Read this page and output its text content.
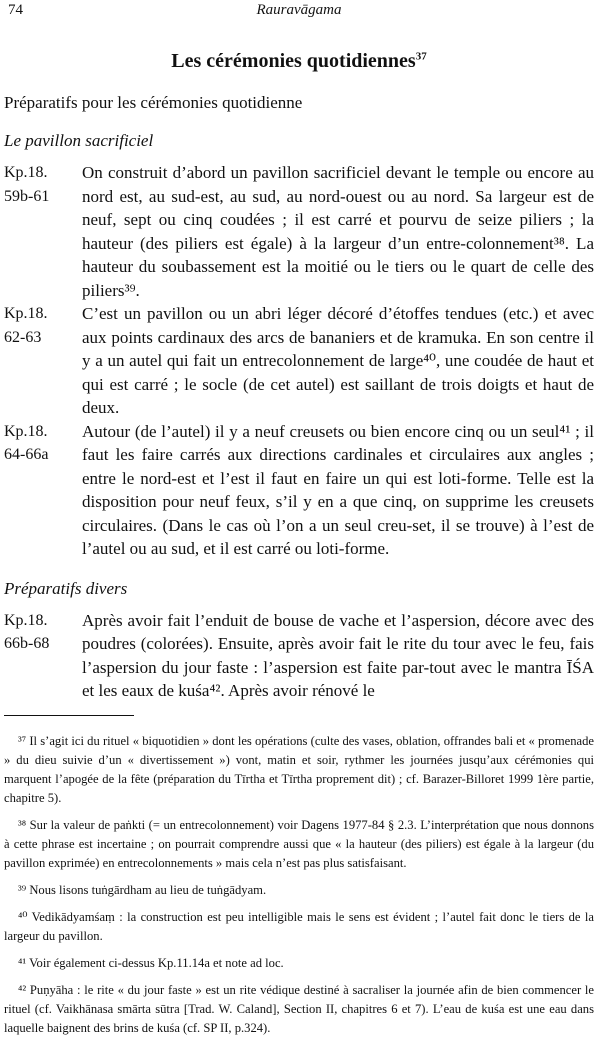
74	Rauravāgama
Les cérémonies quotidiennes$^{37}$

Préparatifs pour les cérémonies quotidienne

Le pavillon sacrificiel

Kp.18.
59b-61
On construit d’abord un pavillon sacrificiel devant le temple ou encore au nord est, au sud-est, au sud, au nord-ouest ou au nord. Sa largeur est de neuf, sept ou cinq coudées ; il est carré et pourvu de seize piliers ; la hauteur (des piliers est égale) à la largeur d’un entre-colonnement³⁸. La hauteur du soubassement est la moitié ou le tiers ou le quart de celle des piliers³⁹.
Kp.18.
62-63
C’est un pavillon ou un abri léger décoré d’étoffes tendues (etc.) et avec aux points cardinaux des arcs de bananiers et de kramuka. En son centre il y a un autel qui fait un entrecolonnement de large⁴⁰, une coudée de haut et qui est carré ; le socle (de cet autel) est saillant de trois doigts et haut de deux.
Kp.18.
64-66a
Autour (de l’autel) il y a neuf creusets ou bien encore cinq ou un seul⁴¹ ; il faut les faire carrés aux directions cardinales et circulaires aux angles ; entre le nord-est et l’est il faut en faire un qui est loti-forme. Telle est la disposition pour neuf feux, s’il y en a que cinq, on supprime les creusets circulaires. (Dans le cas où l’on a un seul creu-set, il se trouve) à l’est de l’autel ou au sud, et il est carré ou loti-forme.

Préparatifs divers

Kp.18.
66b-68
Après avoir fait l’enduit de bouse de vache et l’aspersion, décore avec des poudres (colorées). Ensuite, après avoir fait le rite du tour avec le feu, fais l’aspersion du jour faste : l’aspersion est faite par-tout avec le mantra ĪŚA et les eaux de kuśa⁴². Après avoir rénové le

³⁷ Il s’agit ici du rituel « biquotidien » dont les opérations (culte des vases, oblation, offrandes bali et « promenade » du dieu suivie d’un « divertissement ») vont, matin et soir, rythmer les journées jusqu’aux cérémonies qui marquent l’apogée de la fête (préparation du Tīrtha et Tīrtha proprement dit) ; cf. Barazer-Billoret 1999 1ère partie, chapitre 5).

³⁸ Sur la valeur de paṅkti (= un entrecolonnement) voir Dagens 1977-84 § 2.3. L’interprétation que nous donnons à cette phrase est incertaine ; on pourrait comprendre aussi que « la hauteur (des piliers) est égale à la largeur (du pavillon exprimée) en entrecolonnements » mais cela n’est pas plus satisfaisant.

³⁹ Nous lisons tuṅgārdham au lieu de tuṅgādyam.

⁴⁰ Vedikādyamśaṃ : la construction est peu intelligible mais le sens est évident ; l’autel fait donc le tiers de la largeur du pavillon.

⁴¹ Voir également ci-dessus Kp.11.14a et note ad loc.

⁴² Puṇyāha : le rite « du jour faste » est un rite védique destiné à sacraliser la journée afin de bien commencer le rituel (cf. Vaikhānasa smārta sūtra [Trad. W. Caland], Section II, chapitres 6 et 7). L’eau de kuśa est une eau dans laquelle baignent des brins de kuśa (cf. SP II, p.324).
